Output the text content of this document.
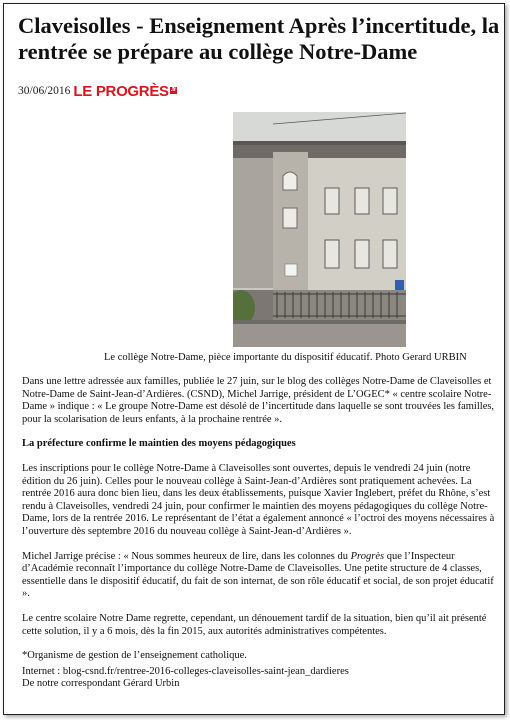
Claveisolles - Enseignement Après l’incertitude, la rentrée se prépare au collège Notre-Dame
30/06/2016 LE PROGRÈS .fr
Le collège Notre-Dame, pièce importante du dispositif éducatif. Photo Gerard URBIN

Dans une lettre adressée aux familles, publiée le 27 juin, sur le blog des collèges Notre-Dame de Claveisolles et Notre-Dame de Saint-Jean-d’Ardières. (CSND), Michel Jarrige, président de L’OGEC* « centre scolaire Notre-Dame » indique : « Le groupe Notre-Dame est désolé de l’incertitude dans laquelle se sont trouvées les familles, pour la scolarisation de leurs enfants, à la prochaine rentrée ».

La préfecture confirme le maintien des moyens pédagogiques

Les inscriptions pour le collège Notre-Dame à Claveisolles sont ouvertes, depuis le vendredi 24 juin (notre édition du 26 juin). Celles pour le nouveau collège à Saint-Jean-d’Ardières sont pratiquement achevées. La rentrée 2016 aura donc bien lieu, dans les deux établissements, puisque Xavier Inglebert, préfet du Rhône, s’est rendu à Claveisolles, vendredi 24 juin, pour confirmer le maintien des moyens pédagogiques du collège Notre-Dame, lors de la rentrée 2016. Le représentant de l’état a également annoncé « l’octroi des moyens nécessaires à l’ouverture dès septembre 2016 du nouveau collège à Saint-Jean-d’Ardières ».

Michel Jarrige précise : « Nous sommes heureux de lire, dans les colonnes du Progrès que l’Inspecteur d’Académie reconnaît l’importance du collège Notre-Dame de Claveisolles. Une petite structure de 4 classes, essentielle dans le dispositif éducatif, du fait de son internat, de son rôle éducatif et social, de son projet éducatif ».

Le centre scolaire Notre Dame regrette, cependant, un dénouement tardif de la situation, bien qu’il ait présenté cette solution, il y a 6 mois, dès la fin 2015, aux autorités administratives compétentes.

*Organisme de gestion de l’enseignement catholique.

Internet : blog-csnd.fr/rentree-2016-colleges-claveisolles-saint-jean_dardieres

De notre correspondant Gérard Urbin
